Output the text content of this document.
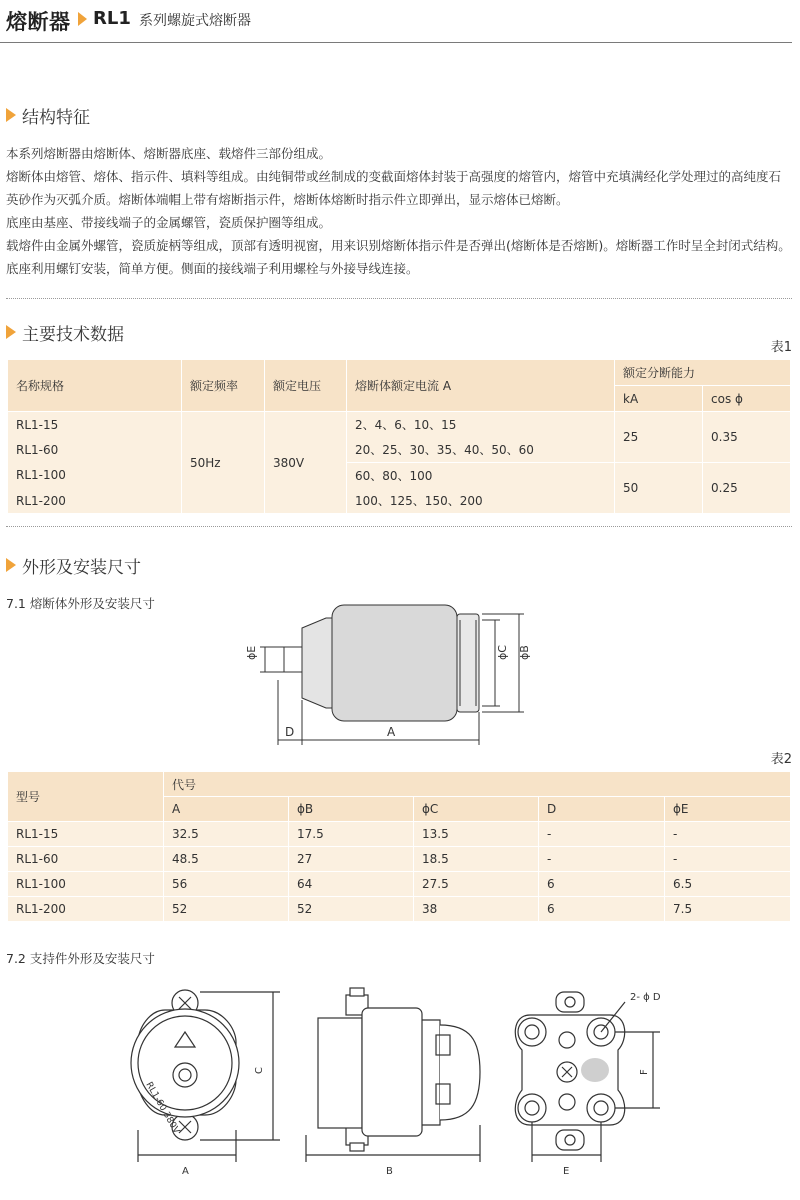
熔断器 RL1 系列螺旋式熔断器
结构特征

本系列熔断器由熔断体、熔断器底座、载熔件三部份组成。

熔断体由熔管、熔体、指示件、填料等组成。由纯铜带或丝制成的变截面熔体封装于高强度的熔管内，熔管中充填满经化学处理过的高纯度石英砂作为灭弧介质。熔断体端帽上带有熔断指示件，熔断体熔断时指示件立即弹出，显示熔体已熔断。

底座由基座、带接线端子的金属螺管，瓷质保护圈等组成。

载熔件由金属外螺管，瓷质旋柄等组成，顶部有透明视窗，用来识别熔断体指示件是否弹出(熔断体是否熔断)。熔断器工作时呈全封闭式结构。底座利用螺钉安装，简单方便。侧面的接线端子利用螺栓与外接导线连接。

主要技术数据
表1
名称规格	额定频率	额定电压	熔断体额定电流 A	额定分断能力	
				kA	cos ϕ
RL1-15	50Hz	380V	2、4、6、10、15	25	0.35
RL1-60			20、25、30、35、40、50、60		
RL1-100			60、80、100	50	0.25
RL1-200			100、125、150、200		
外形及安装尺寸
7.1 熔断体外形及安装尺寸
ϕE	ϕC ϕB
D	A
表2
型号	代号				
	A	ϕB	ϕC	D	ϕE
RL1-15	32.5	17.5	13.5	-	-
RL1-60	48.5	27	18.5	-	-
RL1-100	56	64	27.5	6	6.5
RL1-200	52	52	38	6	7.5
7.2 支持件外形及安装尺寸
RL1-60 380V
A
C
B	E
F
2- ϕ D
